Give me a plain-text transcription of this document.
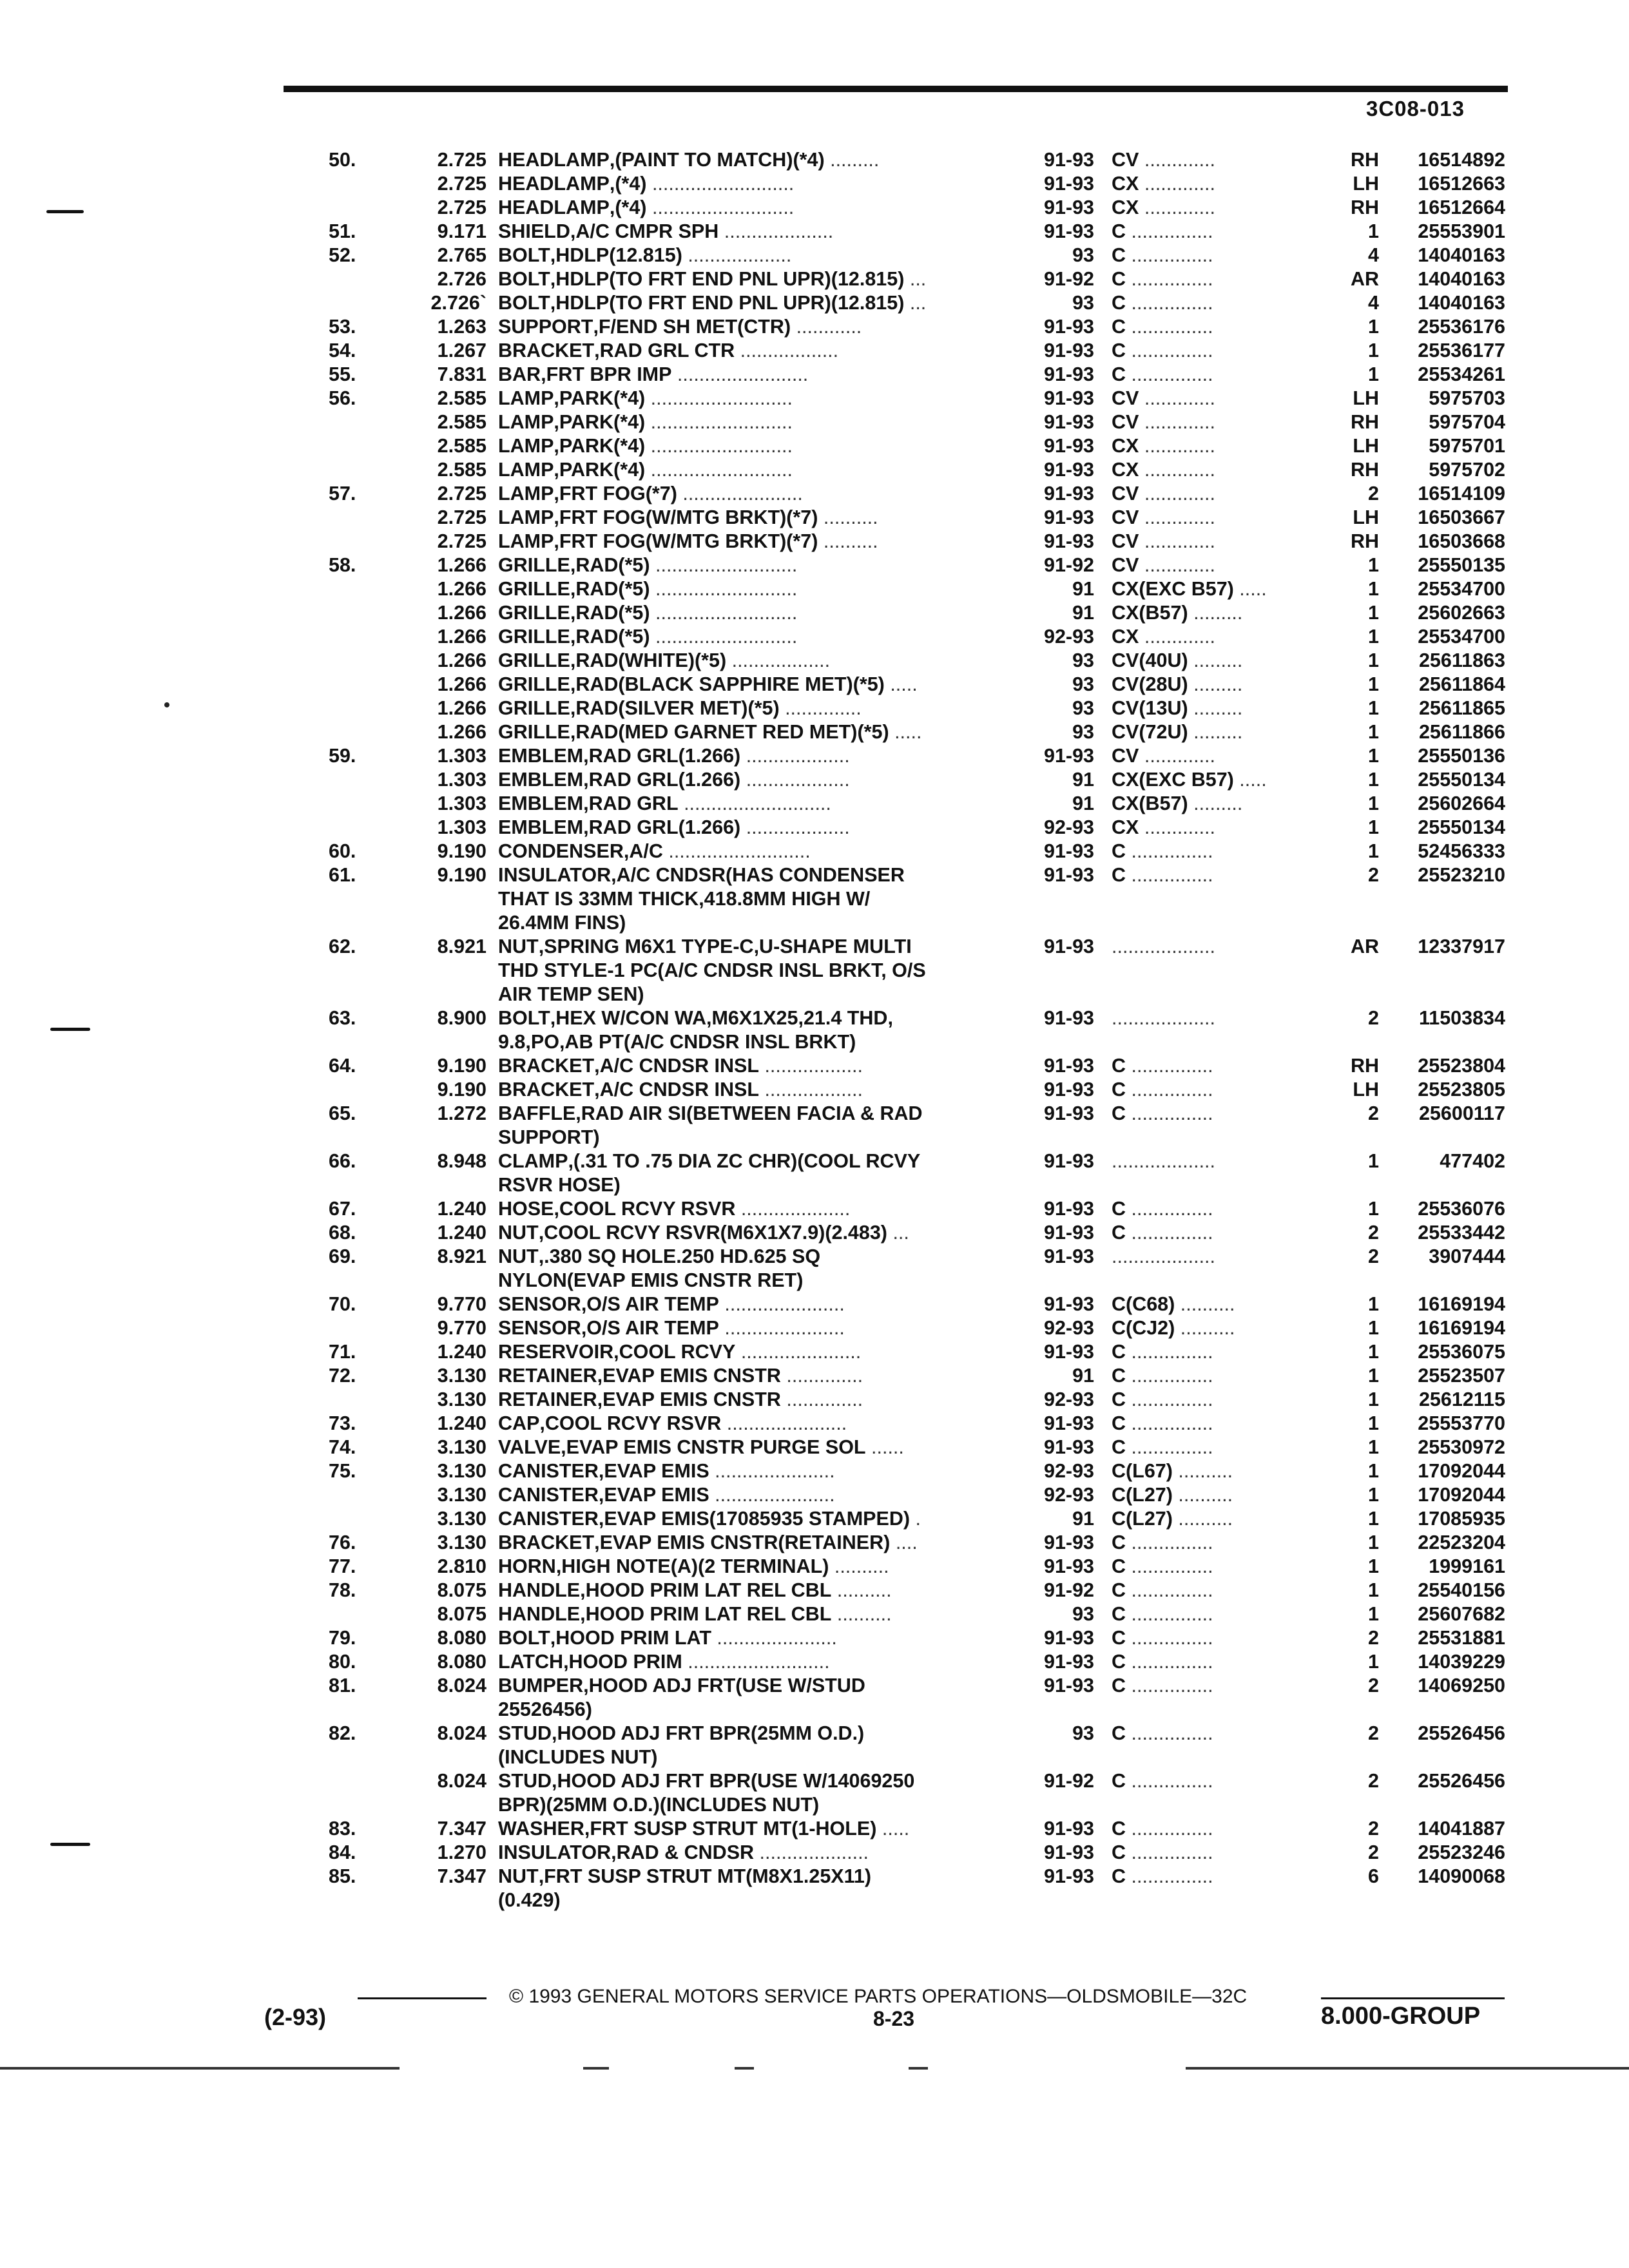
3C08-013
50.	2.725 HEADLAMP,(PAINT TO MATCH)(*4) .........	91-93 CV .............	RH	16514892
2.725 HEADLAMP,(*4) ..........................	91-93 CX .............	LH	16512663
2.725 HEADLAMP,(*4) ..........................	91-93 CX .............	RH	16512664
51.	9.171 SHIELD,A/C CMPR SPH ....................	91-93 C ...............	1	25553901
52.	2.765 BOLT,HDLP(12.815) ...................	93 C ...............	4	14040163
2.726 BOLT,HDLP(TO FRT END PNL UPR)(12.815) ...	91-92 C ...............	AR	14040163
2.726` BOLT,HDLP(TO FRT END PNL UPR)(12.815) ...	93 C ...............	4	14040163
53.	1.263 SUPPORT,F/END SH MET(CTR) ............	91-93 C ...............	1	25536176
54.	1.267 BRACKET,RAD GRL CTR ..................	91-93 C ...............	1	25536177
55.	7.831 BAR,FRT BPR IMP ........................	91-93 C ...............	1	25534261
56.	2.585 LAMP,PARK(*4) ..........................	91-93 CV .............	LH	5975703
2.585 LAMP,PARK(*4) ..........................	91-93 CV .............	RH	5975704
2.585 LAMP,PARK(*4) ..........................	91-93 CX .............	LH	5975701
2.585 LAMP,PARK(*4) ..........................	91-93 CX .............	RH	5975702
57.	2.725 LAMP,FRT FOG(*7) ......................	91-93 CV .............	2	16514109
2.725 LAMP,FRT FOG(W/MTG BRKT)(*7) ..........	91-93 CV .............	LH	16503667
2.725 LAMP,FRT FOG(W/MTG BRKT)(*7) ..........	91-93 CV .............	RH	16503668
58.	1.266 GRILLE,RAD(*5) ..........................	91-92 CV .............	1	25550135
1.266 GRILLE,RAD(*5) ..........................	91 CX(EXC B57) .....	1	25534700
1.266 GRILLE,RAD(*5) ..........................	91 CX(B57) .........	1	25602663
1.266 GRILLE,RAD(*5) ..........................	92-93 CX .............	1	25534700
1.266 GRILLE,RAD(WHITE)(*5) ..................	93 CV(40U) .........	1	25611863
1.266 GRILLE,RAD(BLACK SAPPHIRE MET)(*5) .....	93 CV(28U) .........	1	25611864
1.266 GRILLE,RAD(SILVER MET)(*5) ..............	93 CV(13U) .........	1	25611865
1.266 GRILLE,RAD(MED GARNET RED MET)(*5) .....	93 CV(72U) .........	1	25611866
59.	1.303 EMBLEM,RAD GRL(1.266) ...................	91-93 CV .............	1	25550136
1.303 EMBLEM,RAD GRL(1.266) ...................	91 CX(EXC B57) .....	1	25550134
1.303 EMBLEM,RAD GRL ...........................	91 CX(B57) .........	1	25602664
1.303 EMBLEM,RAD GRL(1.266) ...................	92-93 CX .............	1	25550134
60.	9.190 CONDENSER,A/C ..........................	91-93 C ...............	1	52456333
61.	9.190 INSULATOR,A/C CNDSR(HAS CONDENSER
THAT IS 33MM THICK,418.8MM HIGH W/
26.4MM FINS)
91-93 C ...............	2	25523210
62.	8.921 NUT,SPRING M6X1 TYPE-C,U-SHAPE MULTI
THD STYLE-1 PC(A/C CNDSR INSL BRKT, O/S
AIR TEMP SEN)
91-93 ...................	AR	12337917
63.	8.900 BOLT,HEX W/CON WA,M6X1X25,21.4 THD,
9.8,PO,AB PT(A/C CNDSR INSL BRKT)
91-93 ...................	2	11503834
64.	9.190 BRACKET,A/C CNDSR INSL ..................	91-93 C ...............	RH	25523804
9.190 BRACKET,A/C CNDSR INSL ..................	91-93 C ...............	LH	25523805
65.	1.272 BAFFLE,RAD AIR SI(BETWEEN FACIA & RAD
SUPPORT)
91-93 C ...............	2	25600117
66.	8.948 CLAMP,(.31 TO .75 DIA ZC CHR)(COOL RCVY
RSVR HOSE)
91-93 ...................	1	477402
67.	1.240 HOSE,COOL RCVY RSVR ....................	91-93 C ...............	1	25536076
68.	1.240 NUT,COOL RCVY RSVR(M6X1X7.9)(2.483) ...	91-93 C ...............	2	25533442
69.	8.921 NUT,.380 SQ HOLE.250 HD.625 SQ
NYLON(EVAP EMIS CNSTR RET)
91-93 ...................	2	3907444
70.	9.770 SENSOR,O/S AIR TEMP ......................	91-93 C(C68) ..........	1	16169194
9.770 SENSOR,O/S AIR TEMP ......................	92-93 C(CJ2) ..........	1	16169194
71.	1.240 RESERVOIR,COOL RCVY ......................	91-93 C ...............	1	25536075
72.	3.130 RETAINER,EVAP EMIS CNSTR ..............	91 C ...............	1	25523507
3.130 RETAINER,EVAP EMIS CNSTR ..............	92-93 C ...............	1	25612115
73.	1.240 CAP,COOL RCVY RSVR ......................	91-93 C ...............	1	25553770
74.	3.130 VALVE,EVAP EMIS CNSTR PURGE SOL ......	91-93 C ...............	1	25530972
75.	3.130 CANISTER,EVAP EMIS ......................	92-93 C(L67) ..........	1	17092044
3.130 CANISTER,EVAP EMIS ......................	92-93 C(L27) ..........	1	17092044
3.130 CANISTER,EVAP EMIS(17085935 STAMPED) .	91 C(L27) ..........	1	17085935
76.	3.130 BRACKET,EVAP EMIS CNSTR(RETAINER) ....	91-93 C ...............	1	22523204
77.	2.810 HORN,HIGH NOTE(A)(2 TERMINAL) ..........	91-93 C ...............	1	1999161
78.	8.075 HANDLE,HOOD PRIM LAT REL CBL ..........	91-92 C ...............	1	25540156
8.075 HANDLE,HOOD PRIM LAT REL CBL ..........	93 C ...............	1	25607682
79.	8.080 BOLT,HOOD PRIM LAT ......................	91-93 C ...............	2	25531881
80.	8.080 LATCH,HOOD PRIM ..........................	91-93 C ...............	1	14039229
81.	8.024 BUMPER,HOOD ADJ FRT(USE W/STUD
25526456)
91-93 C ...............	2	14069250
82.	8.024 STUD,HOOD ADJ FRT BPR(25MM O.D.)
(INCLUDES NUT)
93 C ...............	2	25526456
8.024 STUD,HOOD ADJ FRT BPR(USE W/14069250
BPR)(25MM O.D.)(INCLUDES NUT)
91-92 C ...............	2	25526456
83.	7.347 WASHER,FRT SUSP STRUT MT(1-HOLE) .....	91-93 C ...............	2	14041887
84.	1.270 INSULATOR,RAD & CNDSR ....................	91-93 C ...............	2	25523246
85.	7.347 NUT,FRT SUSP STRUT MT(M8X1.25X11)
(0.429)
91-93 C ...............	6	14090068
© 1993 GENERAL MOTORS SERVICE PARTS OPERATIONS—OLDSMOBILE—32C
(2-93)	8-23	8.000-GROUP
